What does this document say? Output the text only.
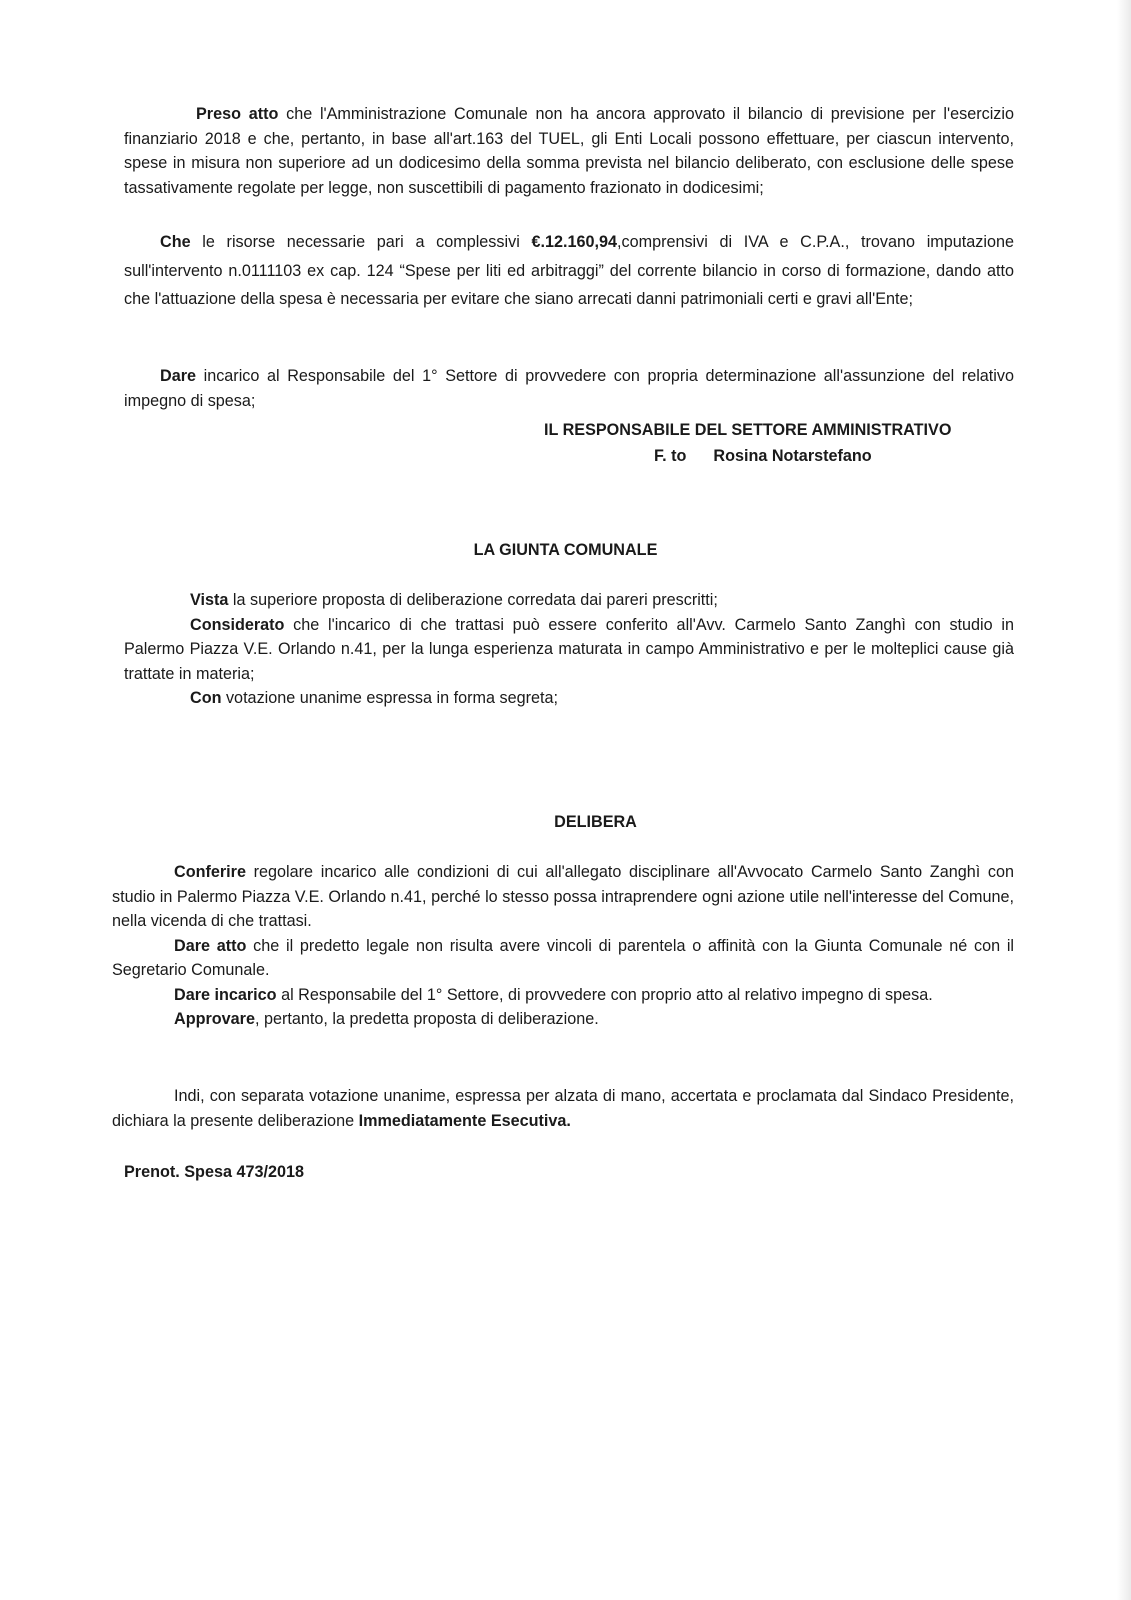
Preso atto che l'Amministrazione Comunale non ha ancora approvato il bilancio di previsione per l'esercizio finanziario 2018 e che, pertanto, in base all'art.163 del TUEL, gli Enti Locali possono effettuare, per ciascun intervento, spese in misura non superiore ad un dodicesimo della somma prevista nel bilancio deliberato, con esclusione delle spese tassativamente regolate per legge, non suscettibili di pagamento frazionato in dodicesimi;

Che le risorse necessarie pari a complessivi €.12.160,94,comprensivi di IVA e C.P.A., trovano imputazione sull'intervento n.0111103 ex cap. 124 “Spese per liti ed arbitraggi” del corrente bilancio in corso di formazione, dando atto che l'attuazione della spesa è necessaria per evitare che siano arrecati danni patrimoniali certi e gravi all'Ente;

Dare incarico al Responsabile del 1° Settore di provvedere con propria determinazione all'assunzione del relativo impegno di spesa;

IL RESPONSABILE DEL SETTORE AMMINISTRATIVO

F. to Rosina Notarstefano

LA GIUNTA COMUNALE

Vista la superiore proposta di deliberazione corredata dai pareri prescritti;

Considerato che l'incarico di che trattasi può essere conferito all'Avv. Carmelo Santo Zanghì con studio in Palermo Piazza V.E. Orlando n.41, per la lunga esperienza maturata in campo Amministrativo e per le molteplici cause già trattate in materia;

Con votazione unanime espressa in forma segreta;

DELIBERA

Conferire regolare incarico alle condizioni di cui all'allegato disciplinare all'Avvocato Carmelo Santo Zanghì con studio in Palermo Piazza V.E. Orlando n.41, perché lo stesso possa intraprendere ogni azione utile nell'interesse del Comune, nella vicenda di che trattasi.

Dare atto che il predetto legale non risulta avere vincoli di parentela o affinità con la Giunta Comunale né con il Segretario Comunale.

Dare incarico al Responsabile del 1° Settore, di provvedere con proprio atto al relativo impegno di spesa.

Approvare, pertanto, la predetta proposta di deliberazione.

Indi, con separata votazione unanime, espressa per alzata di mano, accertata e proclamata dal Sindaco Presidente, dichiara la presente deliberazione Immediatamente Esecutiva.

Prenot. Spesa 473/2018
